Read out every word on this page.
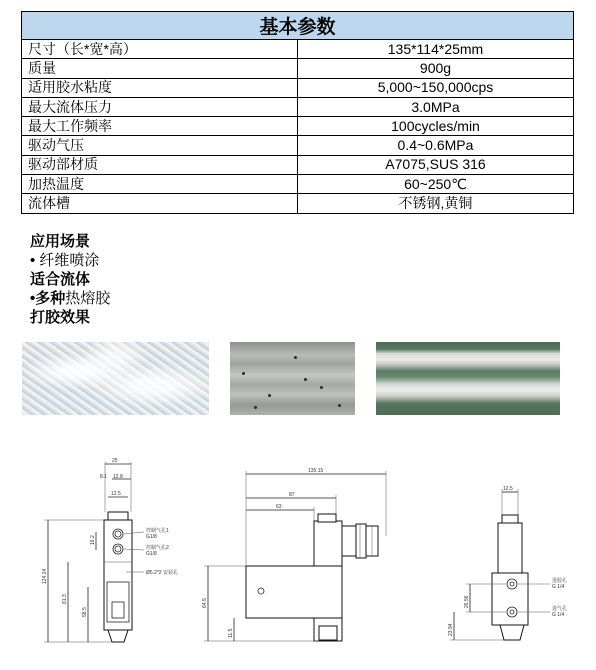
基本参数	
尺寸（长*宽*高）	135*114*25mm
质量	900g
适用胶水粘度	5,000~150,000cps
最大流体压力	3.0MPa
最大工作频率	100cycles/min
驱动气压	0.4~0.6MPa
驱动部材质	A7075,SUS 316
加热温度	60~250℃
流体槽	不锈钢,黄铜
应用场景
• 纤维喷涂
适合流体
•多种热熔胶
打胶效果
25
8.1 12.8
12.5
控制气孔1
G1/8
控制气孔2
G1/8
Ø5.2*2 安装孔
124.24
81.3
58.5
16.2
135.15
87
63
64.5
11.5
12.5
进胶孔
G 1/4
进气孔
G 1/4
26.56
23.94
